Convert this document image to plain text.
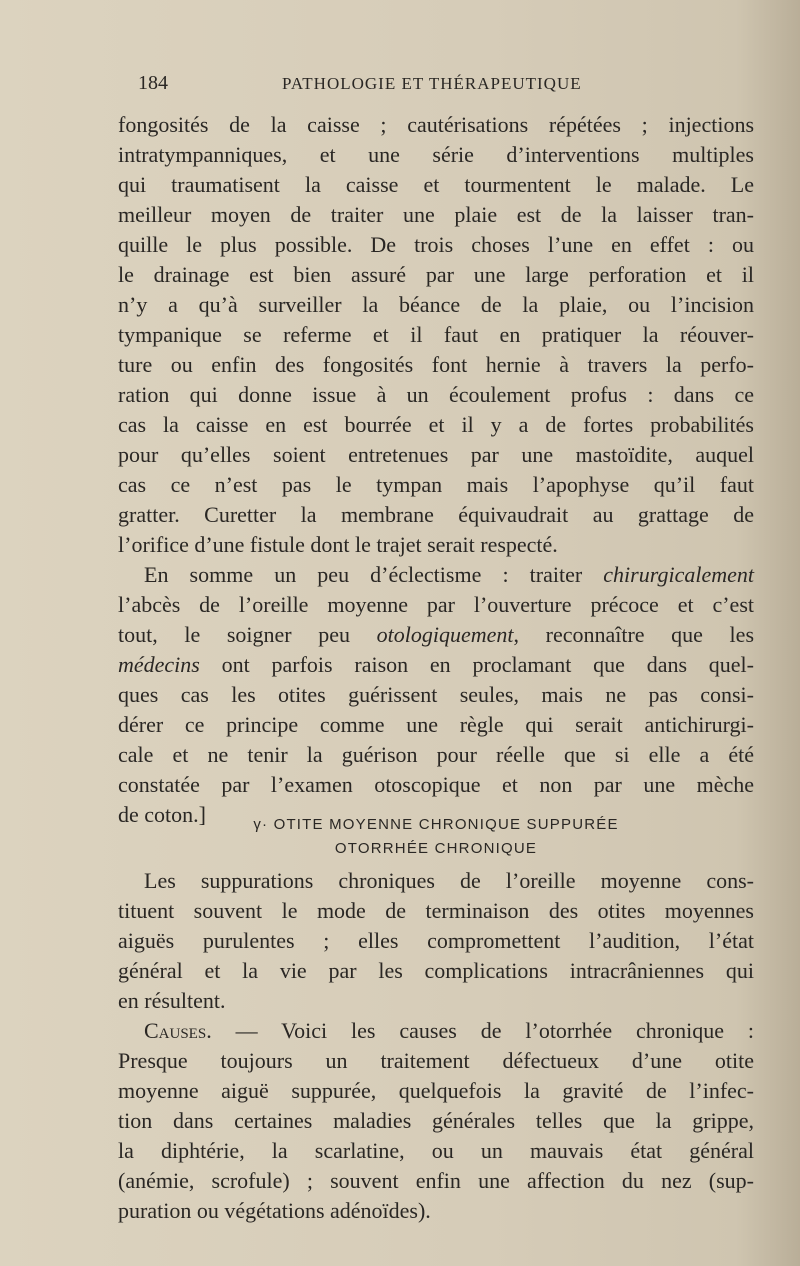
184	PATHOLOGIE ET THÉRAPEUTIQUE
fongosités de la caisse ; cautérisations répétées ; injections
intratympanniques, et une série d’interventions multiples
qui traumatisent la caisse et tourmentent le malade. Le
meilleur moyen de traiter une plaie est de la laisser tran-
quille le plus possible. De trois choses l’une en effet : ou
le drainage est bien assuré par une large perforation et il
n’y a qu’à surveiller la béance de la plaie, ou l’incision
tympanique se referme et il faut en pratiquer la réouver-
ture ou enfin des fongosités font hernie à travers la perfo-
ration qui donne issue à un écoulement profus : dans ce
cas la caisse en est bourrée et il y a de fortes probabilités
pour qu’elles soient entretenues par une mastoïdite, auquel
cas ce n’est pas le tympan mais l’apophyse qu’il faut
gratter. Curetter la membrane équivaudrait au grattage de
l’orifice d’une fistule dont le trajet serait respecté.
En somme un peu d’éclectisme : traiter chirurgicalement
l’abcès de l’oreille moyenne par l’ouverture précoce et c’est
tout, le soigner peu otologiquement, reconnaître que les
médecins ont parfois raison en proclamant que dans quel-
ques cas les otites guérissent seules, mais ne pas consi-
dérer ce principe comme une règle qui serait antichirurgi-
cale et ne tenir la guérison pour réelle que si elle a été
constatée par l’examen otoscopique et non par une mèche
de coton.]	γ· OTITE MOYENNE CHRONIQUE SUPPURÉE
OTORRHÉE CHRONIQUE
Les suppurations chroniques de l’oreille moyenne cons-
tituent souvent le mode de terminaison des otites moyennes
aiguës purulentes ; elles compromettent l’audition, l’état
général et la vie par les complications intracrâniennes qui
en résultent.
Causes. — Voici les causes de l’otorrhée chronique :
Presque toujours un traitement défectueux d’une otite
moyenne aiguë suppurée, quelquefois la gravité de l’infec-
tion dans certaines maladies générales telles que la grippe,
la diphtérie, la scarlatine, ou un mauvais état général
(anémie, scrofule) ; souvent enfin une affection du nez (sup-
puration ou végétations adénoïdes).
